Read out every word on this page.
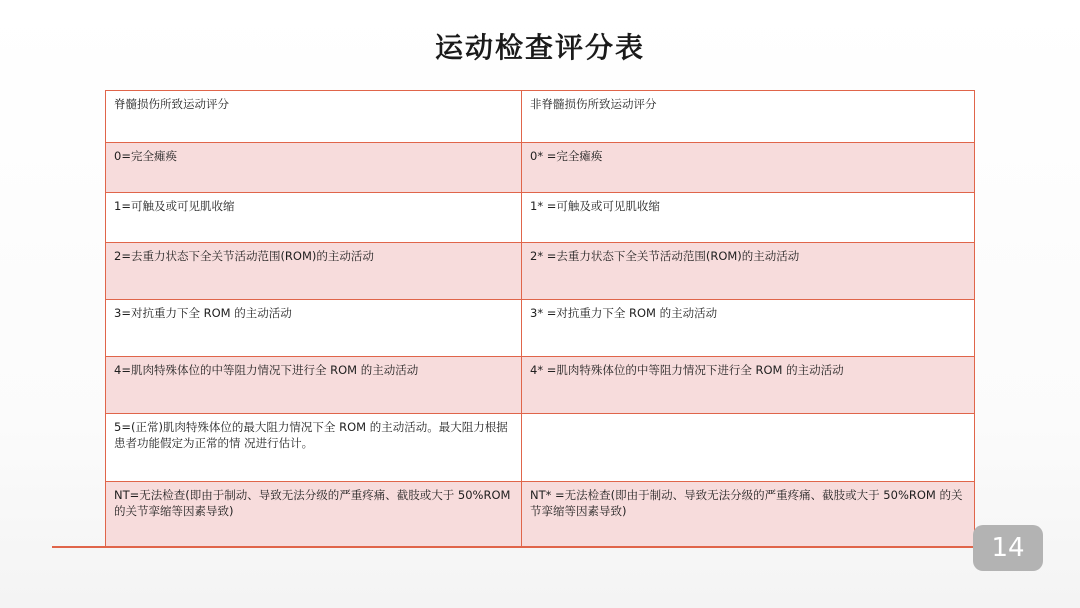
运动检查评分表
脊髓损伤所致运动评分	非脊髓损伤所致运动评分
0=完全瘫痪	0* =完全瘫痪
1=可触及或可见肌收缩	1* =可触及或可见肌收缩
2=去重力状态下全关节活动范围(ROM)的主动活动	2* =去重力状态下全关节活动范围(ROM)的主动活动
3=对抗重力下全 ROM 的主动活动	3* =对抗重力下全 ROM 的主动活动
4=肌肉特殊体位的中等阻力情况下进行全 ROM 的主动活动	4* =肌肉特殊体位的中等阻力情况下进行全 ROM 的主动活动
5=(正常)肌肉特殊体位的最大阻力情况下全 ROM 的主动活动。最大阻力根据患者功能假定为正常的情 况进行估计。	
NT=无法检查(即由于制动、导致无法分级的严重疼痛、截肢或大于 50%ROM 的关节挛缩等因素导致)	NT* =无法检查(即由于制动、导致无法分级的严重疼痛、截肢或大于 50%ROM 的关节挛缩等因素导致)
14
